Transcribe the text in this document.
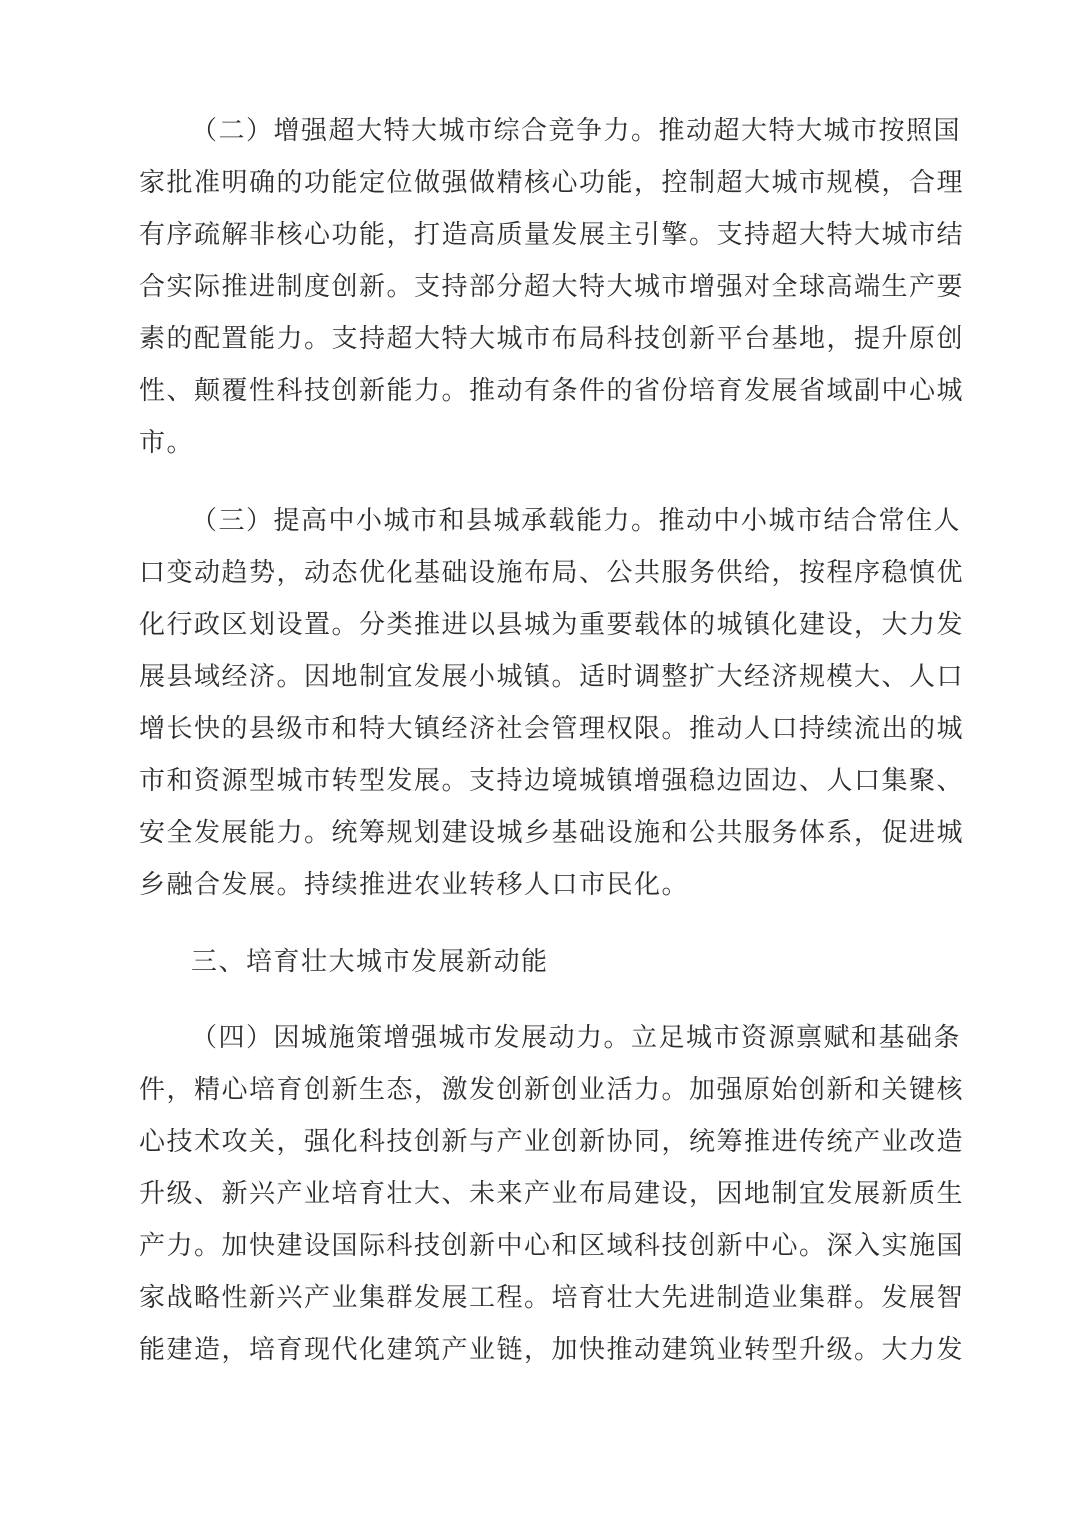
（二）增强超大特大城市综合竞争力。推动超大特大城市按照国
家批准明确的功能定位做强做精核心功能，控制超大城市规模，合理
有序疏解非核心功能，打造高质量发展主引擎。支持超大特大城市结
合实际推进制度创新。支持部分超大特大城市增强对全球高端生产要
素的配置能力。支持超大特大城市布局科技创新平台基地，提升原创
性、颠覆性科技创新能力。推动有条件的省份培育发展省域副中心城
市。
（三）提高中小城市和县城承载能力。推动中小城市结合常住人
口变动趋势，动态优化基础设施布局、公共服务供给，按程序稳慎优
化行政区划设置。分类推进以县城为重要载体的城镇化建设，大力发
展县域经济。因地制宜发展小城镇。适时调整扩大经济规模大、人口
增长快的县级市和特大镇经济社会管理权限。推动人口持续流出的城
市和资源型城市转型发展。支持边境城镇增强稳边固边、人口集聚、
安全发展能力。统筹规划建设城乡基础设施和公共服务体系，促进城
乡融合发展。持续推进农业转移人口市民化。
三、培育壮大城市发展新动能
（四）因城施策增强城市发展动力。立足城市资源禀赋和基础条
件，精心培育创新生态，激发创新创业活力。加强原始创新和关键核
心技术攻关，强化科技创新与产业创新协同，统筹推进传统产业改造
升级、新兴产业培育壮大、未来产业布局建设，因地制宜发展新质生
产力。加快建设国际科技创新中心和区域科技创新中心。深入实施国
家战略性新兴产业集群发展工程。培育壮大先进制造业集群。发展智
能建造，培育现代化建筑产业链，加快推动建筑业转型升级。大力发
